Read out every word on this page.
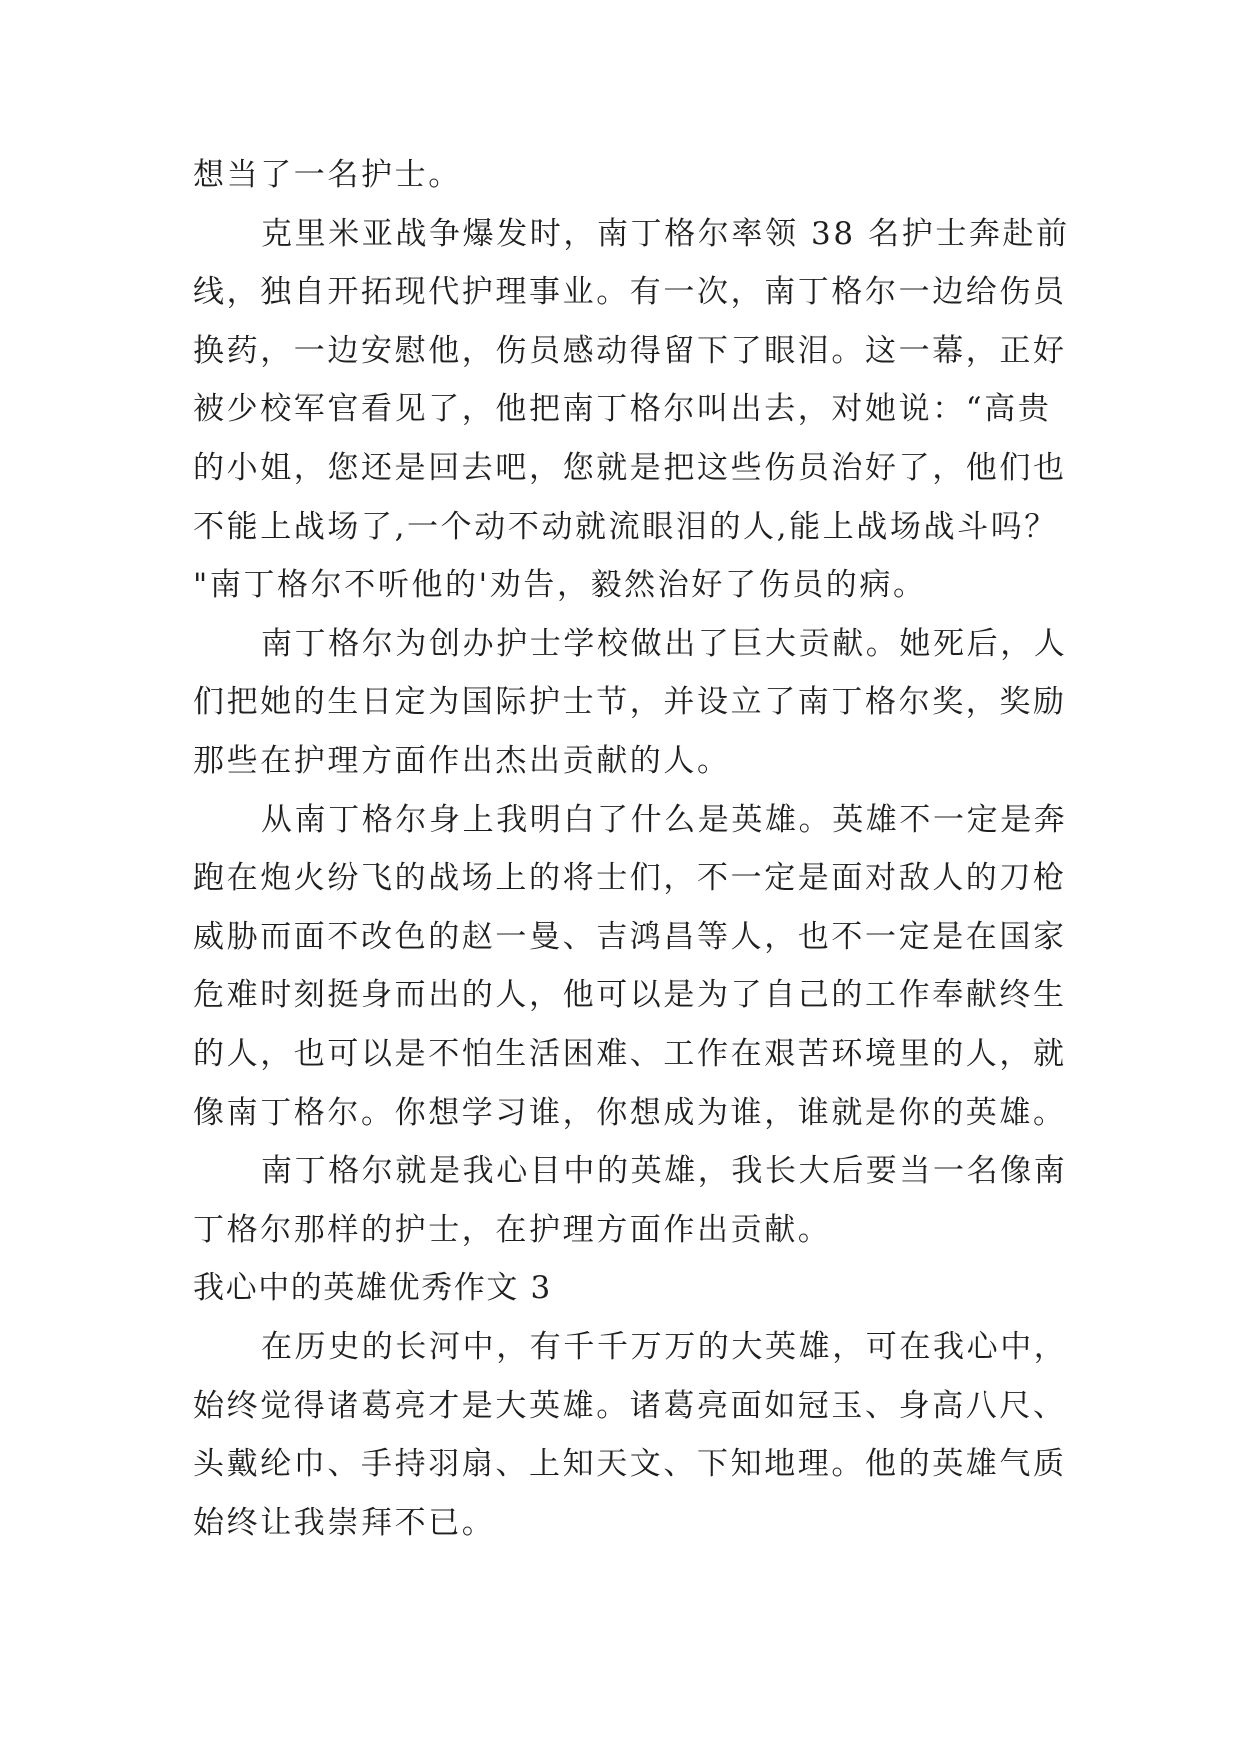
想当了一名护士。
克里米亚战争爆发时，南丁格尔率领 38 名护士奔赴前
线，独自开拓现代护理事业。有一次，南丁格尔一边给伤员
换药，一边安慰他，伤员感动得留下了眼泪。这一幕，正好
被少校军官看见了，他把南丁格尔叫出去，对她说：“高贵
的小姐，您还是回去吧，您就是把这些伤员治好了，他们也
不能上战场了,一个动不动就流眼泪的人,能上战场战斗吗？
"南丁格尔不听他的'劝告，毅然治好了伤员的病。
南丁格尔为创办护士学校做出了巨大贡献。她死后，人
们把她的生日定为国际护士节，并设立了南丁格尔奖，奖励
那些在护理方面作出杰出贡献的人。
从南丁格尔身上我明白了什么是英雄。英雄不一定是奔
跑在炮火纷飞的战场上的将士们，不一定是面对敌人的刀枪
威胁而面不改色的赵一曼、吉鸿昌等人，也不一定是在国家
危难时刻挺身而出的人，他可以是为了自己的工作奉献终生
的人，也可以是不怕生活困难、工作在艰苦环境里的人，就
像南丁格尔。你想学习谁，你想成为谁，谁就是你的英雄。
南丁格尔就是我心目中的英雄，我长大后要当一名像南
丁格尔那样的护士，在护理方面作出贡献。
我心中的英雄优秀作文 3
在历史的长河中，有千千万万的大英雄，可在我心中，
始终觉得诸葛亮才是大英雄。诸葛亮面如冠玉、身高八尺、
头戴纶巾、手持羽扇、上知天文、下知地理。他的英雄气质
始终让我崇拜不已。
